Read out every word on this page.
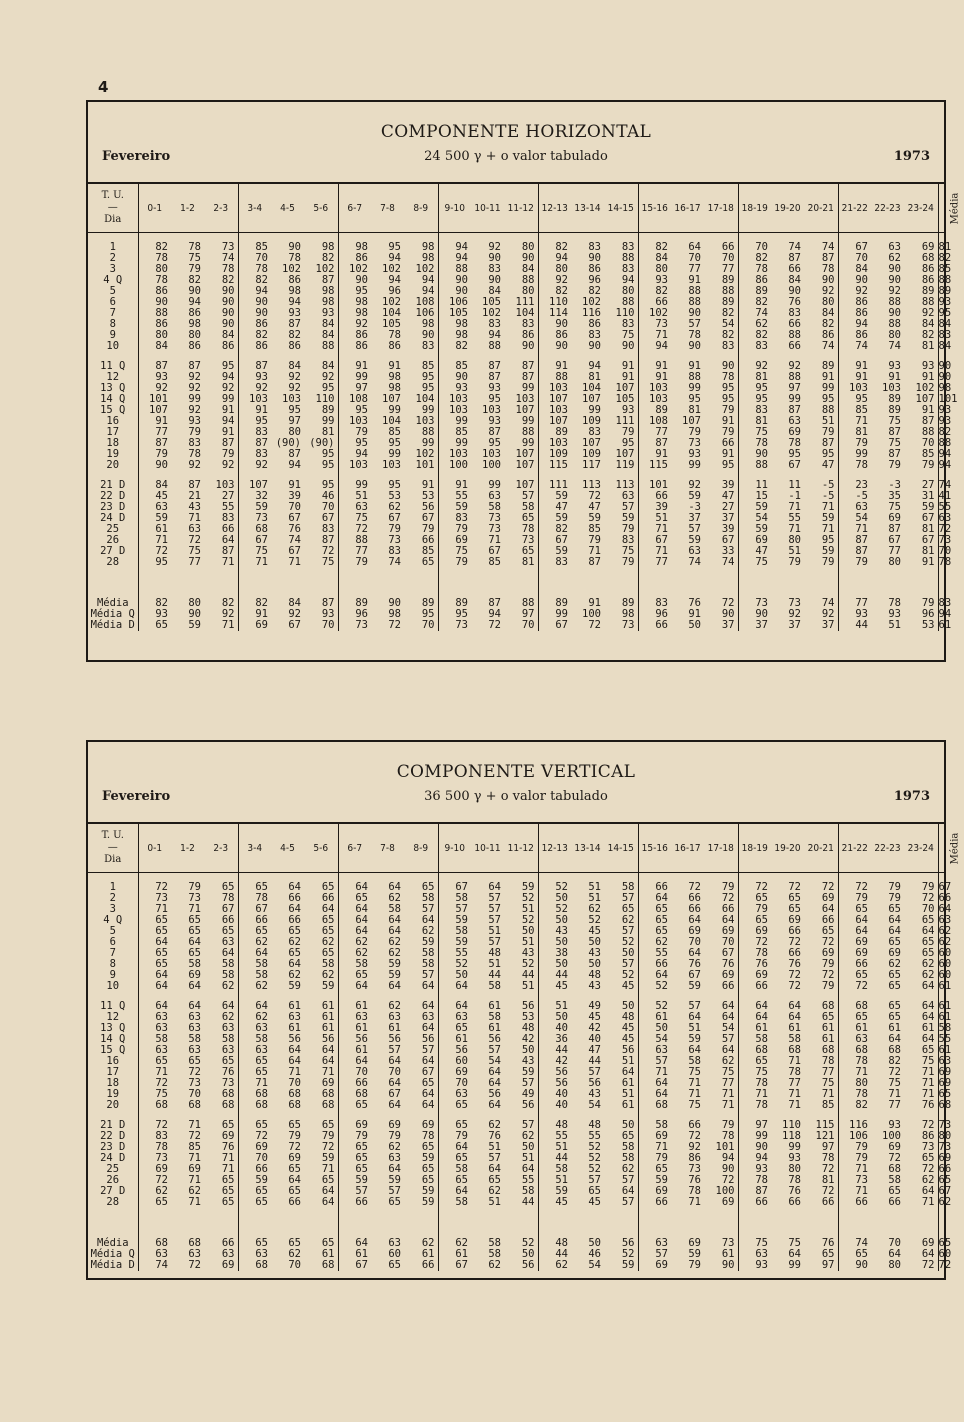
4
COMPONENTE HORIZONTAL
Fevereiro	24 500 γ + o valor tabulado	1973
T. U.
—
Dia	0-1	1-2	2-3	3-4	4-5	5-6	6-7	7-8	8-9	9-10	10-11	11-12	12-13	13-14	14-15	15-16	16-17	17-18	18-19	19-20	20-21	21-22	22-23	23-24	Média

1	82	78	73	85	90	98	98	95	98	94	92	80	82	83	83	82	64	66	70	74	74	67	63	69	81
2	78	75	74	70	78	82	86	94	98	94	90	90	94	90	88	84	70	70	82	87	87	70	62	68	82
3	80	79	78	78	102	102	102	102	102	88	83	84	80	86	83	80	77	77	78	66	78	84	90	86	85
4 Q	78	82	82	82	86	87	90	94	94	90	90	88	92	96	94	93	91	89	86	84	90	90	90	86	88
5	86	90	90	94	98	98	95	96	94	90	84	80	82	82	80	82	88	88	89	90	92	92	92	89	89
6	90	94	90	90	94	98	98	102	108	106	105	111	110	102	88	66	88	89	82	76	80	86	88	88	93
7	88	86	90	90	93	93	98	104	106	105	102	104	114	116	110	102	90	82	74	83	84	86	90	92	95
8	86	98	90	86	87	84	92	105	98	98	83	83	90	86	83	73	57	54	62	66	82	94	88	84	84
9	80	80	84	82	82	84	86	78	90	98	94	86	86	83	75	71	78	82	82	88	86	86	80	82	83
10	84	86	86	86	86	88	86	86	83	82	88	90	90	90	90	94	90	83	83	66	74	74	74	81	84

11 Q	87	87	95	87	84	84	91	91	85	85	87	87	91	94	91	91	91	90	92	92	89	91	93	93	90
12	93	92	94	93	92	92	99	98	95	90	87	87	88	81	91	91	88	78	81	88	91	91	91	91	90
13 Q	92	92	92	92	92	95	97	98	95	93	93	99	103	104	107	103	99	95	95	97	99	103	103	102	98
14 Q	101	99	99	103	103	110	108	107	104	103	95	103	107	107	105	103	95	95	95	99	95	95	89	107	101
15 Q	107	92	91	91	95	89	95	99	99	103	103	107	103	99	93	89	81	79	83	87	88	85	89	91	93
16	91	93	94	95	97	99	103	104	103	99	93	99	107	109	111	108	107	91	81	63	51	71	75	87	93
17	77	79	91	83	80	81	79	85	88	85	87	88	89	83	79	77	79	79	75	69	79	81	87	88	82
18	87	83	87	87	(90)	(90)	95	95	99	99	95	99	103	107	95	87	73	66	78	78	87	79	75	70	88
19	79	78	79	83	87	95	94	99	102	103	103	107	109	109	107	91	93	91	90	95	95	99	87	85	94
20	90	92	92	92	94	95	103	103	101	100	100	107	115	117	119	115	99	95	88	67	47	78	79	79	94

21 D	84	87	103	107	91	95	99	95	91	91	99	107	111	113	113	101	92	39	11	11	-5	23	-3	27	74
22 D	45	21	27	32	39	46	51	53	53	55	63	57	59	72	63	66	59	47	15	-1	-5	-5	35	31	41
23 D	63	43	55	59	70	70	63	62	56	59	58	58	47	47	57	39	-3	27	59	71	71	63	75	59	55
24 D	59	71	83	73	67	67	75	67	67	83	73	65	59	59	59	51	37	37	54	55	59	54	69	67	63
25	61	63	66	68	76	83	72	79	79	79	73	78	82	85	79	71	57	39	59	71	71	71	87	81	72
26	71	72	64	67	74	87	88	73	66	69	71	73	67	79	83	67	59	67	69	80	95	87	67	67	73
27 D	72	75	87	75	67	72	77	83	85	75	67	65	59	71	75	71	63	33	47	51	59	87	77	81	70
28	95	77	71	71	71	75	79	74	65	79	85	81	83	87	79	77	74	74	75	79	79	79	80	91	78

Média	82	80	82	82	84	87	89	90	89	89	87	88	89	91	89	83	76	72	73	73	74	77	78	79	83
Média Q	93	90	92	91	92	93	96	98	95	95	94	97	99	100	98	96	91	90	90	92	92	93	93	96	94
Média D	65	59	71	69	67	70	73	72	70	73	72	70	67	72	73	66	50	37	37	37	37	44	51	53	61
COMPONENTE VERTICAL
Fevereiro	36 500 γ + o valor tabulado	1973
T. U.
—
Dia	0-1	1-2	2-3	3-4	4-5	5-6	6-7	7-8	8-9	9-10	10-11	11-12	12-13	13-14	14-15	15-16	16-17	17-18	18-19	19-20	20-21	21-22	22-23	23-24	Média

1	72	79	65	65	64	65	64	64	65	67	64	59	52	51	58	66	72	79	72	72	72	72	79	79	67
2	73	73	78	78	66	66	65	62	58	58	57	52	50	51	57	64	66	72	65	65	69	79	79	72	66
3	71	71	67	67	64	64	64	58	57	57	57	51	52	62	65	65	66	66	79	65	64	65	65	70	64
4 Q	65	65	66	66	66	65	64	64	64	59	57	52	50	52	62	65	64	64	65	69	66	64	64	65	63
5	65	65	65	65	65	65	64	64	62	58	51	50	43	45	57	65	69	69	69	66	65	64	64	64	62
6	64	64	63	62	62	62	62	62	59	59	57	51	50	50	52	62	70	70	72	72	72	69	65	65	62
7	65	65	64	64	65	65	62	62	58	55	48	43	38	43	50	55	64	67	78	66	69	69	69	65	60
8	65	58	58	58	64	58	58	59	58	52	51	52	50	50	57	66	76	76	76	76	79	66	62	62	60
9	64	69	58	58	62	62	65	59	57	50	44	44	44	48	52	64	67	69	69	72	72	65	65	62	60
10	64	64	62	62	59	59	64	64	64	64	58	51	45	43	45	52	59	66	66	72	79	72	65	64	61

11 Q	64	64	64	64	61	61	61	62	64	64	61	56	51	49	50	52	57	64	64	64	68	68	65	64	61
12	63	63	62	62	63	61	63	63	63	63	58	53	50	45	48	61	64	64	64	64	65	65	65	64	61
13 Q	63	63	63	63	61	61	61	61	64	65	61	48	40	42	45	50	51	54	61	61	61	61	61	61	58
14 Q	58	58	58	58	56	56	56	56	56	61	56	42	36	40	45	54	59	57	58	58	61	63	64	64	55
15 Q	63	63	63	63	64	64	61	57	57	56	57	50	44	47	56	63	64	64	68	68	68	68	68	65	61
16	65	65	65	65	64	64	64	64	64	60	54	43	42	44	51	57	58	62	65	71	78	78	82	75	63
17	71	72	76	65	71	71	70	70	67	69	64	59	56	57	64	71	75	75	75	78	77	71	72	71	69
18	72	73	73	71	70	69	66	64	65	70	64	57	56	56	61	64	71	77	78	77	75	80	75	71	69
19	75	70	68	68	68	68	68	67	64	63	56	49	40	43	51	64	71	71	71	71	71	78	71	71	65
20	68	68	68	68	68	68	65	64	64	65	64	56	40	54	61	68	75	71	78	71	85	82	77	76	68

21 D	72	71	65	65	65	65	69	69	69	65	62	57	48	48	50	58	66	79	97	110	115	116	93	72	73
22 D	83	72	69	72	79	79	79	79	78	79	76	62	55	55	65	69	72	78	99	118	121	106	100	86	80
23 D	78	85	76	69	72	72	65	62	65	64	51	50	51	52	58	71	92	101	90	99	97	79	69	73	73
24 D	73	71	71	70	69	59	65	63	59	65	57	51	44	52	58	79	86	94	94	93	78	79	72	65	69
25	69	69	71	66	65	71	65	64	65	58	64	64	58	52	62	65	73	90	93	80	72	71	68	72	66
26	72	71	65	59	64	65	59	59	65	65	65	55	51	57	57	59	76	72	78	78	81	73	58	62	65
27 D	62	62	65	65	65	64	57	57	59	64	62	58	59	65	64	69	78	100	87	76	72	71	65	64	67
28	65	71	65	65	66	64	66	65	59	58	51	44	45	45	57	66	71	69	66	66	66	66	66	71	62

Média	68	68	66	65	65	65	64	63	62	62	58	52	48	50	56	63	69	73	75	75	76	74	70	69	65
Média Q	63	63	63	63	62	61	61	60	61	61	58	50	44	46	52	57	59	61	63	64	65	65	64	64	60
Média D	74	72	69	68	70	68	67	65	66	67	62	56	62	54	59	69	79	90	93	99	97	90	80	72	72
